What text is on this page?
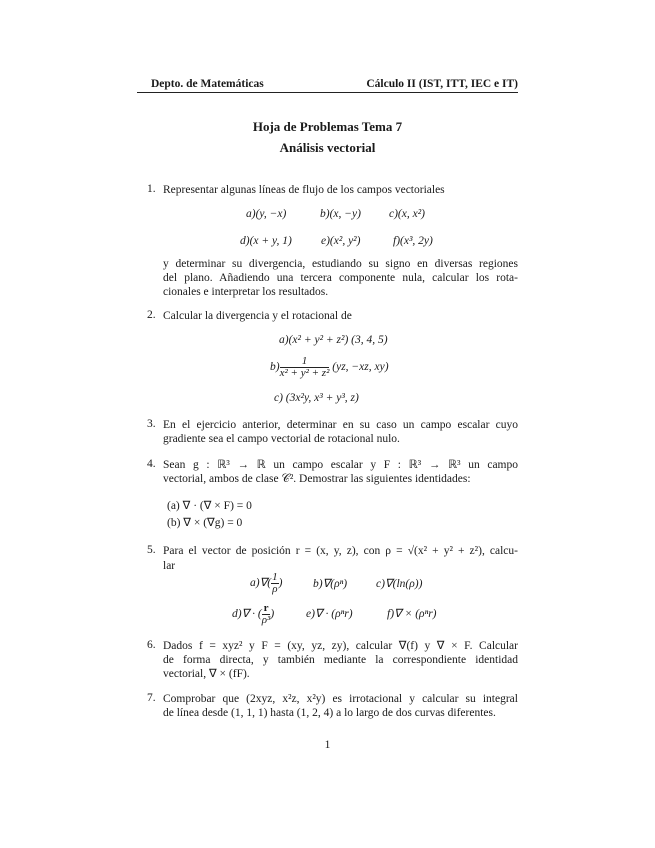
Depto. de Matemáticas	Cálculo II (IST, ITT, IEC e IT)
Hoja de Problemas Tema 7
Análisis vectorial
1. Representar algunas líneas de flujo de los campos vectoriales
a)(y, −x)	b)(x, −y) c)(x, x²)
d)(x + y, 1)	e)(x², y²)	f)(x³, 2y)
y determinar su divergencia, estudiando su signo en diversas regiones
del plano. Añadiendo una tercera componente nula, calcular los rota-
cionales e interpretar los resultados.
2. Calcular la divergencia y el rotacional de
a)(x² + y² + z²) (3, 4, 5)
$b) \frac{1}{\text{x² + y² + z²}} (yz$, −xz, xy)
c) (3x²y, x³ + y³, z)
3. En el ejercicio anterior, determinar en su caso un campo escalar cuyo
gradiente sea el campo vectorial de rotacional nulo.
4. Sean g : ℝ³ → ℝ un campo escalar y F : ℝ³ → ℝ³ un campo
vectorial, ambos de clase 𝒞². Demostrar las siguientes identidades:
(a) ∇ · (∇ × F) = 0
(b) ∇ × (∇g) = 0
5. Para el vector de posición r = (x, y, z), con ρ = √(x² + y² + z²), calcu-
lar
$a)\nabla( \frac{1}{\rho}$ )	b)∇(ρⁿ)	c)∇(ln(ρ))
d)∇ · ( $\frac{r}{\text{ρ³}}$ )	e)∇ · (ρⁿr)	f)∇ × (ρⁿr)
6. Dados f = xyz² y F = (xy, yz, zy), calcular ∇(f) y ∇ × F. Calcular
de forma directa, y también mediante la correspondiente identidad
vectorial, ∇ × (fF).
7. Comprobar que (2xyz, x²z, x²y) es irrotacional y calcular su integral
de línea desde (1, 1, 1) hasta (1, 2, 4) a lo largo de dos curvas diferentes.
1
